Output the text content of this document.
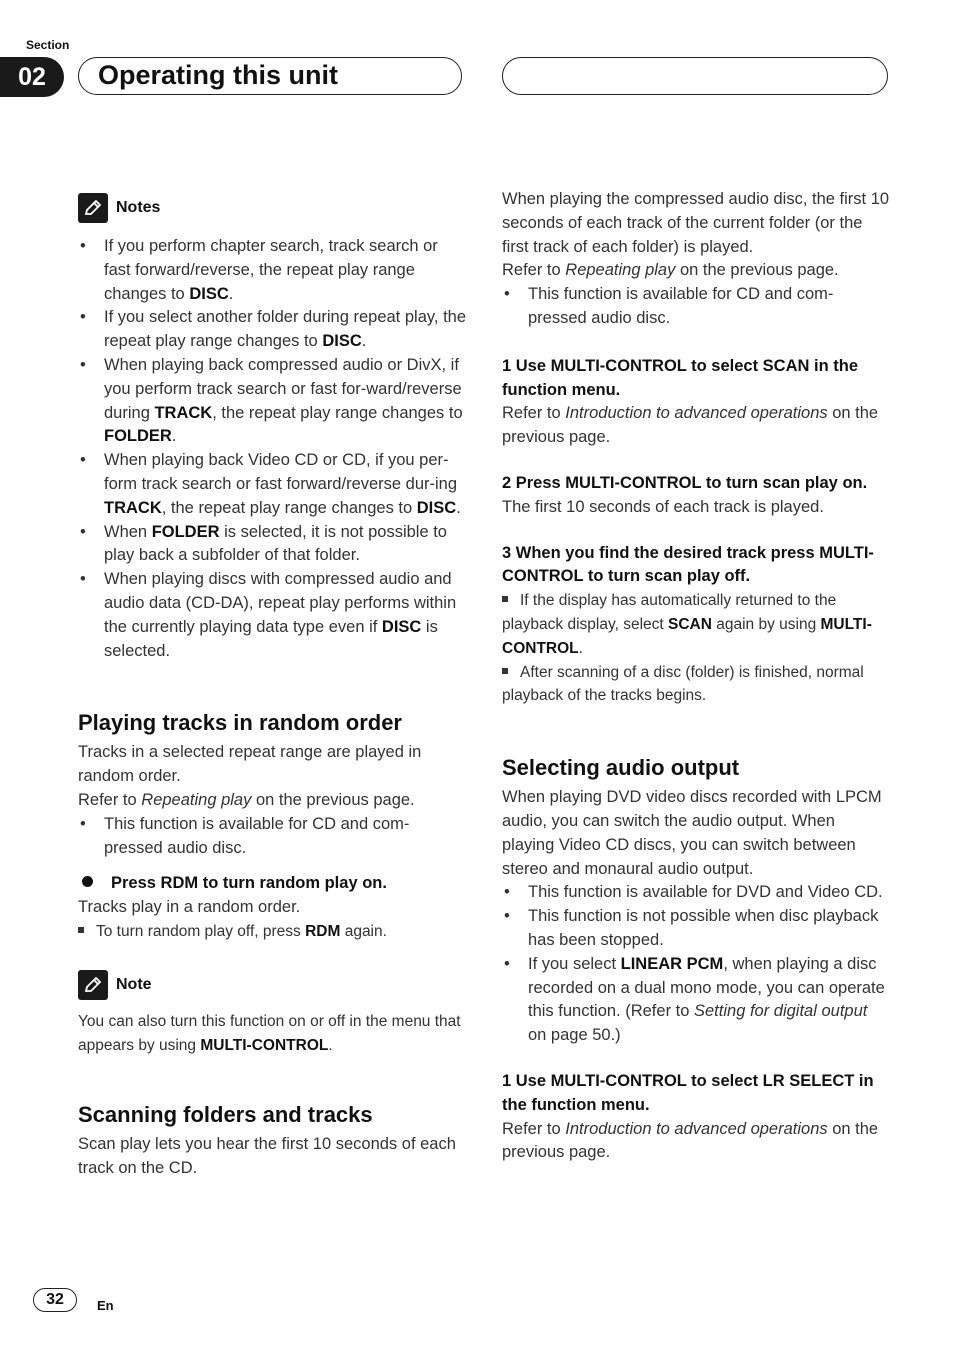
Section
02	Operating this unit
Notes
• If you perform chapter search, track search or fast forward/reverse, the repeat play range changes to DISC.
• If you select another folder during repeat play, the repeat play range changes to DISC.
• When playing back compressed audio or DivX, if you perform track search or fast for-ward/reverse during TRACK, the repeat play range changes to FOLDER.
• When playing back Video CD or CD, if you per-form track search or fast forward/reverse dur-ing TRACK, the repeat play range changes to DISC.
• When FOLDER is selected, it is not possible to play back a subfolder of that folder.
• When playing discs with compressed audio and audio data (CD-DA), repeat play performs within the currently playing data type even if DISC is selected.
Playing tracks in random order

Tracks in a selected repeat range are played in random order.

Refer to Repeating play on the previous page.

• This function is available for CD and com-pressed audio disc.

Press RDM to turn random play on.

Tracks play in a random order.

To turn random play off, press RDM again.

Note

You can also turn this function on or off in the menu that appears by using MULTI-CONTROL.

Scanning folders and tracks

Scan play lets you hear the first 10 seconds of each track on the CD.

When playing the compressed audio disc, the first 10 seconds of each track of the current folder (or the first track of each folder) is played.

Refer to Repeating play on the previous page.

• This function is available for CD and com-pressed audio disc.

1 Use MULTI-CONTROL to select SCAN in the function menu.

Refer to Introduction to advanced operations on the previous page.

2 Press MULTI-CONTROL to turn scan play on.

The first 10 seconds of each track is played.

3 When you find the desired track press MULTI-CONTROL to turn scan play off.

If the display has automatically returned to the playback display, select SCAN again by using MULTI-CONTROL.

After scanning of a disc (folder) is finished, normal playback of the tracks begins.

Selecting audio output

When playing DVD video discs recorded with LPCM audio, you can switch the audio output. When playing Video CD discs, you can switch between stereo and monaural audio output.

• This function is available for DVD and Video CD.
• This function is not possible when disc playback has been stopped.
• If you select LINEAR PCM, when playing a disc recorded on a dual mono mode, you can operate this function. (Refer to Setting for digital output on page 50.)

1 Use MULTI-CONTROL to select LR SELECT in the function menu.

Refer to Introduction to advanced operations on the previous page.

32	En
